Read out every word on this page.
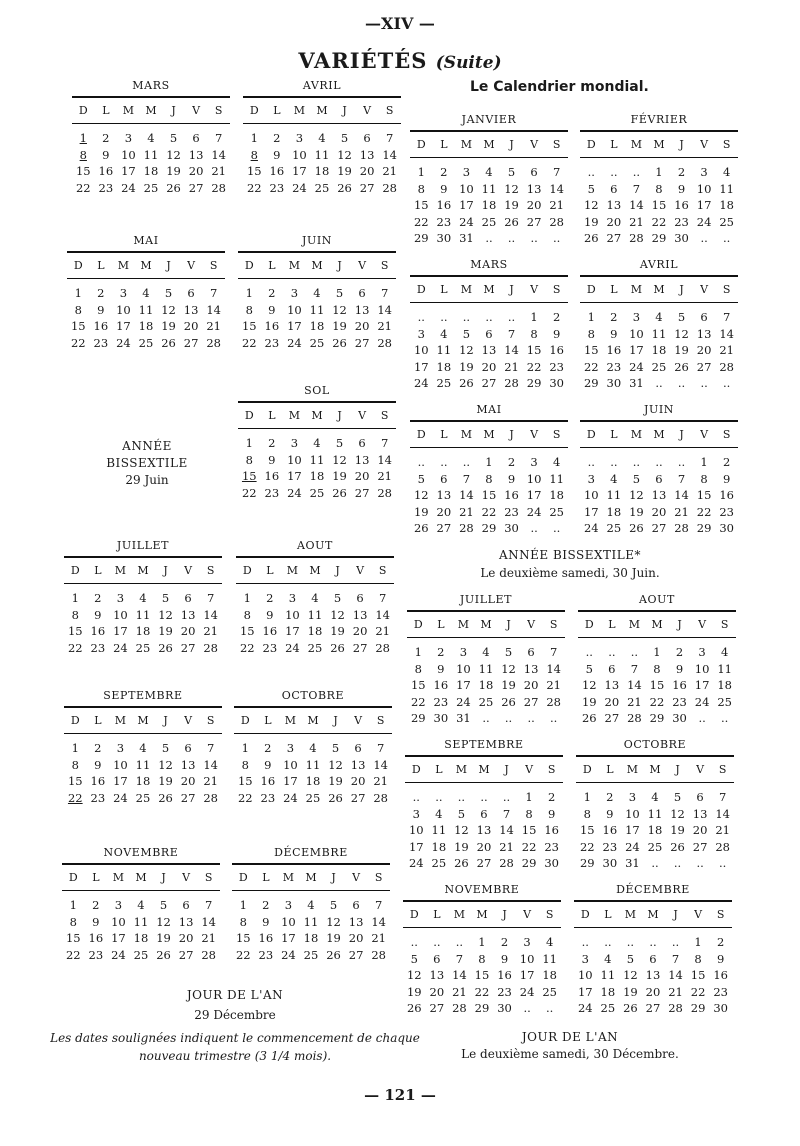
—XIV —
VARIÉTÉS (Suite)
Le Calendrier mondial.
MARS
D	L	M	M	J	V	S
1	2	3	4	5	6	7
8	9	10	11	12	13	14
15	16	17	18	19	20	21
22	23	24	25	26	27	28
AVRIL
D	L	M	M	J	V	S
1	2	3	4	5	6	7
8	9	10	11	12	13	14
15	16	17	18	19	20	21
22	23	24	25	26	27	28
MAI
D	L	M	M	J	V	S
1	2	3	4	5	6	7
8	9	10	11	12	13	14
15	16	17	18	19	20	21
22	23	24	25	26	27	28
JUIN
D	L	M	M	J	V	S
1	2	3	4	5	6	7
8	9	10	11	12	13	14
15	16	17	18	19	20	21
22	23	24	25	26	27	28
SOL
D	L	M	M	J	V	S
1	2	3	4	5	6	7
8	9	10	11	12	13	14
15	16	17	18	19	20	21
22	23	24	25	26	27	28
JUILLET
D	L	M	M	J	V	S
1	2	3	4	5	6	7
8	9	10	11	12	13	14
15	16	17	18	19	20	21
22	23	24	25	26	27	28
AOUT
D	L	M	M	J	V	S
1	2	3	4	5	6	7
8	9	10	11	12	13	14
15	16	17	18	19	20	21
22	23	24	25	26	27	28
SEPTEMBRE
D	L	M	M	J	V	S
1	2	3	4	5	6	7
8	9	10	11	12	13	14
15	16	17	18	19	20	21
22	23	24	25	26	27	28
OCTOBRE
D	L	M	M	J	V	S
1	2	3	4	5	6	7
8	9	10	11	12	13	14
15	16	17	18	19	20	21
22	23	24	25	26	27	28
NOVEMBRE
D	L	M	M	J	V	S
1	2	3	4	5	6	7
8	9	10	11	12	13	14
15	16	17	18	19	20	21
22	23	24	25	26	27	28
DÉCEMBRE
D	L	M	M	J	V	S
1	2	3	4	5	6	7
8	9	10	11	12	13	14
15	16	17	18	19	20	21
22	23	24	25	26	27	28
ANNÉE
BISSEXTILE
29 Juin
JOUR DE L'AN
29 Décembre
Les dates soulignées indiquent le commencement de chaque
nouveau trimestre (3 1/4 mois).
JANVIER
D	L	M	M	J	V	S
1	2	3	4	5	6	7
8	9	10	11	12	13	14
15	16	17	18	19	20	21
22	23	24	25	26	27	28
29	30	31	..	..	..	..
FÉVRIER
D	L	M	M	J	V	S
..	..	..	1	2	3	4
5	6	7	8	9	10	11
12	13	14	15	16	17	18
19	20	21	22	23	24	25
26	27	28	29	30	..	..
MARS
D	L	M	M	J	V	S
..	..	..	..	..	1	2
3	4	5	6	7	8	9
10	11	12	13	14	15	16
17	18	19	20	21	22	23
24	25	26	27	28	29	30
AVRIL
D	L	M	M	J	V	S
1	2	3	4	5	6	7
8	9	10	11	12	13	14
15	16	17	18	19	20	21
22	23	24	25	26	27	28
29	30	31	..	..	..	..
MAI
D	L	M	M	J	V	S
..	..	..	1	2	3	4
5	6	7	8	9	10	11
12	13	14	15	16	17	18
19	20	21	22	23	24	25
26	27	28	29	30	..	..
JUIN
D	L	M	M	J	V	S
..	..	..	..	..	1	2
3	4	5	6	7	8	9
10	11	12	13	14	15	16
17	18	19	20	21	22	23
24	25	26	27	28	29	30
ANNÉE BISSEXTILE*
Le deuxième samedi, 30 Juin.
JUILLET
D	L	M	M	J	V	S
1	2	3	4	5	6	7
8	9	10	11	12	13	14
15	16	17	18	19	20	21
22	23	24	25	26	27	28
29	30	31	..	..	..	..
AOUT
D	L	M	M	J	V	S
..	..	..	1	2	3	4
5	6	7	8	9	10	11
12	13	14	15	16	17	18
19	20	21	22	23	24	25
26	27	28	29	30	..	..
SEPTEMBRE
D	L	M	M	J	V	S
..	..	..	..	..	1	2
3	4	5	6	7	8	9
10	11	12	13	14	15	16
17	18	19	20	21	22	23
24	25	26	27	28	29	30
OCTOBRE
D	L	M	M	J	V	S
1	2	3	4	5	6	7
8	9	10	11	12	13	14
15	16	17	18	19	20	21
22	23	24	25	26	27	28
29	30	31	..	..	..	..
NOVEMBRE
D	L	M	M	J	V	S
..	..	..	1	2	3	4
5	6	7	8	9	10	11
12	13	14	15	16	17	18
19	20	21	22	23	24	25
26	27	28	29	30	..	..
DÉCEMBRE
D	L	M	M	J	V	S
..	..	..	..	..	1	2
3	4	5	6	7	8	9
10	11	12	13	14	15	16
17	18	19	20	21	22	23
24	25	26	27	28	29	30
JOUR DE L'AN
Le deuxième samedi, 30 Décembre.
— 121 —
